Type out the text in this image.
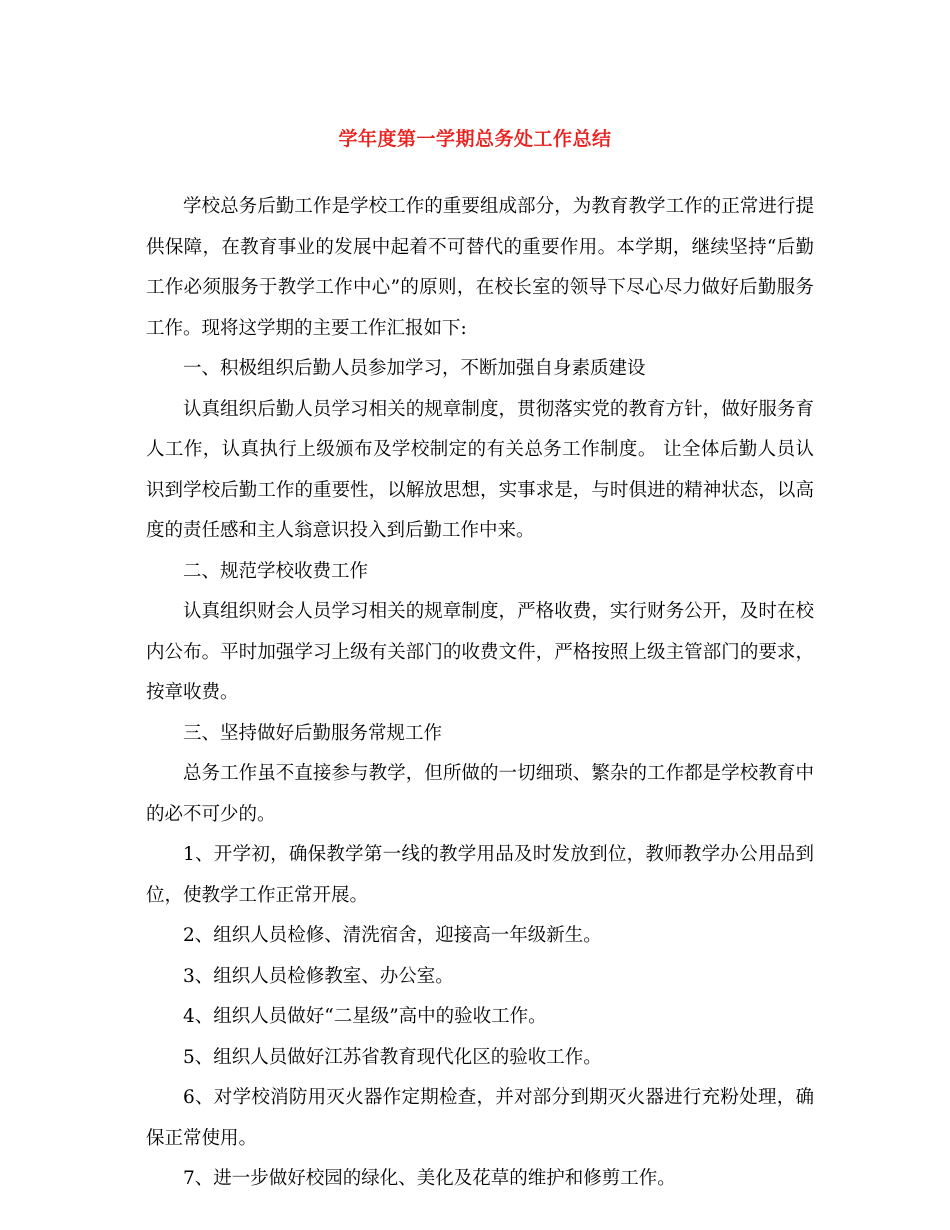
学年度第一学期总务处工作总结

学校总务后勤工作是学校工作的重要组成部分，为教育教学工作的正常进行提供保障，在教育事业的发展中起着不可替代的重要作用。本学期，继续坚持“后勤工作必须服务于教学工作中心”的原则，在校长室的领导下尽心尽力做好后勤服务工作。现将这学期的主要工作汇报如下:

一、积极组织后勤人员参加学习，不断加强自身素质建设

认真组织后勤人员学习相关的规章制度，贯彻落实党的教育方针，做好服务育人工作，认真执行上级颁布及学校制定的有关总务工作制度。 让全体后勤人员认识到学校后勤工作的重要性，以解放思想，实事求是，与时俱进的精神状态，以高度的责任感和主人翁意识投入到后勤工作中来。

二、规范学校收费工作

认真组织财会人员学习相关的规章制度，严格收费，实行财务公开，及时在校内公布。平时加强学习上级有关部门的收费文件，严格按照上级主管部门的要求，按章收费。

三、坚持做好后勤服务常规工作

总务工作虽不直接参与教学，但所做的一切细琐、繁杂的工作都是学校教育中的必不可少的。

1、开学初，确保教学第一线的教学用品及时发放到位，教师教学办公用品到位，使教学工作正常开展。

2、组织人员检修、清洗宿舍，迎接高一年级新生。

3、组织人员检修教室、办公室。

4、组织人员做好“二星级”高中的验收工作。

5、组织人员做好江苏省教育现代化区的验收工作。

6、对学校消防用灭火器作定期检查，并对部分到期灭火器进行充粉处理，确保正常使用。

7、进一步做好校园的绿化、美化及花草的维护和修剪工作。
